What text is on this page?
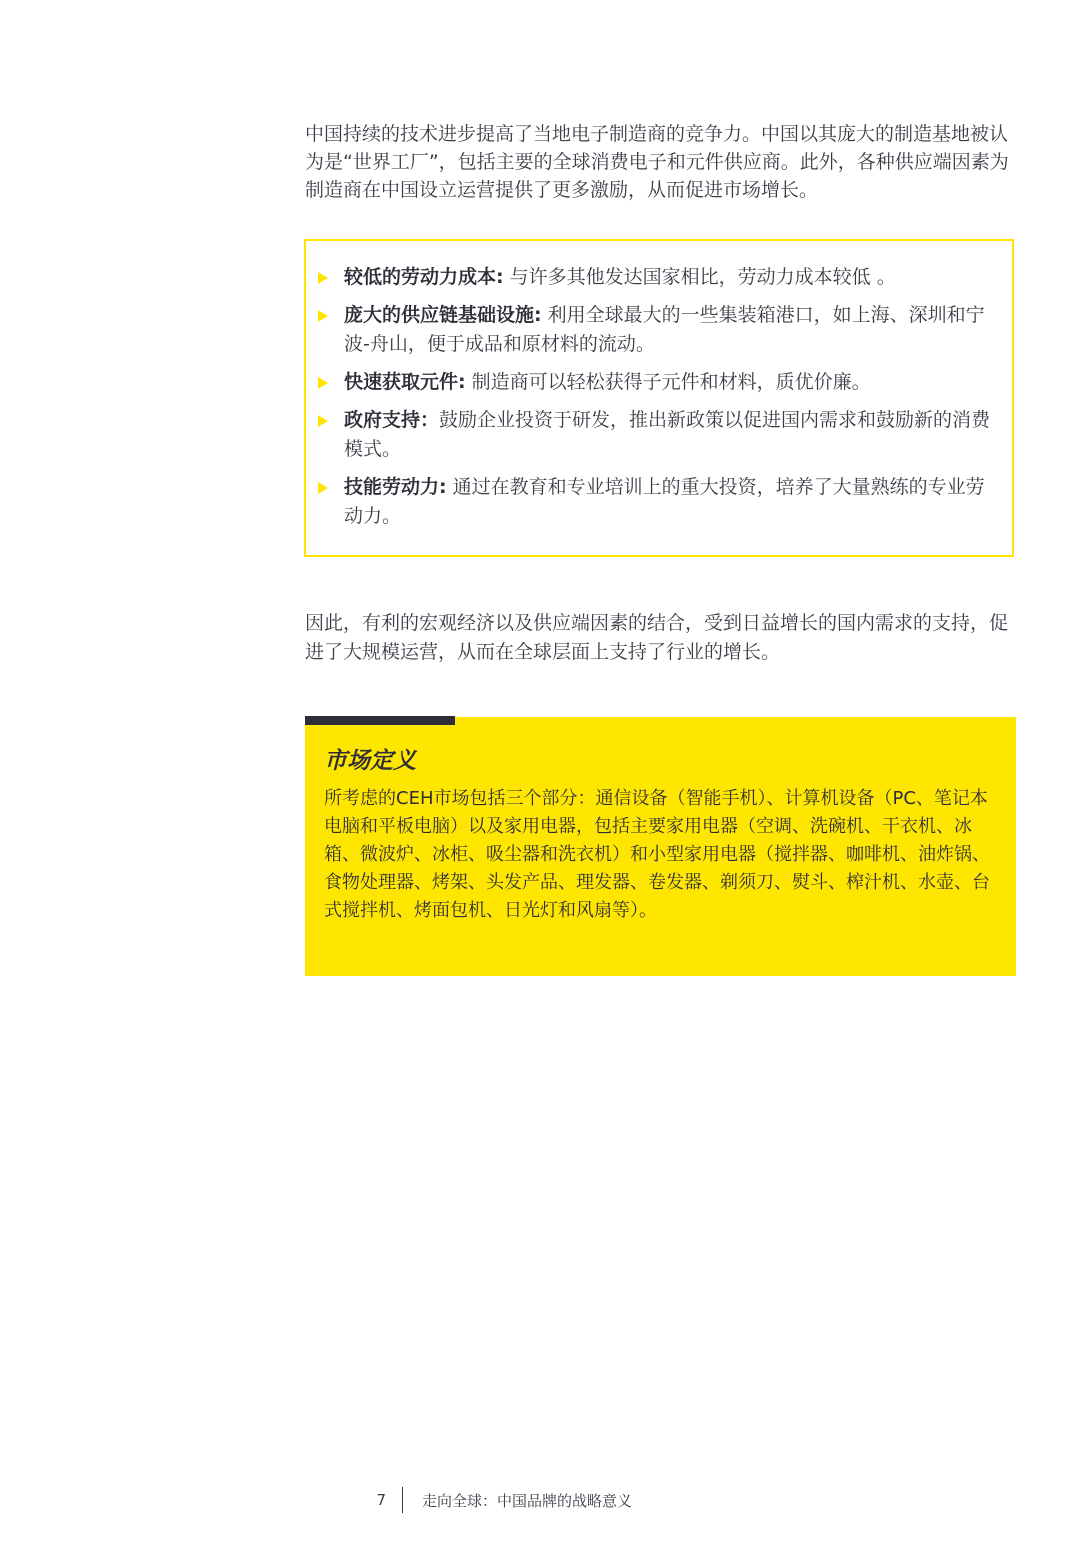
中国持续的技术进步提高了当地电子制造商的竞争力。中国以其庞大的制造基地被认为是“世界工厂”，包括主要的全球消费电子和元件供应商。此外，各种供应端因素为制造商在中国设立运营提供了更多激励，从而促进市场增长。

较低的劳动力成本: 与许多其他发达国家相比，劳动力成本较低 。
庞大的供应链基础设施: 利用全球最大的一些集装箱港口，如上海、深圳和宁波-舟山，便于成品和原材料的流动。
快速获取元件: 制造商可以轻松获得子元件和材料，质优价廉。
政府支持：鼓励企业投资于研发，推出新政策以促进国内需求和鼓励新的消费模式。
技能劳动力: 通过在教育和专业培训上的重大投资，培养了大量熟练的专业劳动力。

因此，有利的宏观经济以及供应端因素的结合，受到日益增长的国内需求的支持，促进了大规模运营，从而在全球层面上支持了行业的增长。

市场定义

所考虑的CEH市场包括三个部分：通信设备（智能手机）、计算机设备（PC、笔记本电脑和平板电脑）以及家用电器，包括主要家用电器（空调、洗碗机、干衣机、冰箱、微波炉、冰柜、吸尘器和洗衣机）和小型家用电器（搅拌器、咖啡机、油炸锅、食物处理器、烤架、头发产品、理发器、卷发器、剃须刀、熨斗、榨汁机、水壶、台式搅拌机、烤面包机、日光灯和风扇等）。

7 走向全球：中国品牌的战略意义
